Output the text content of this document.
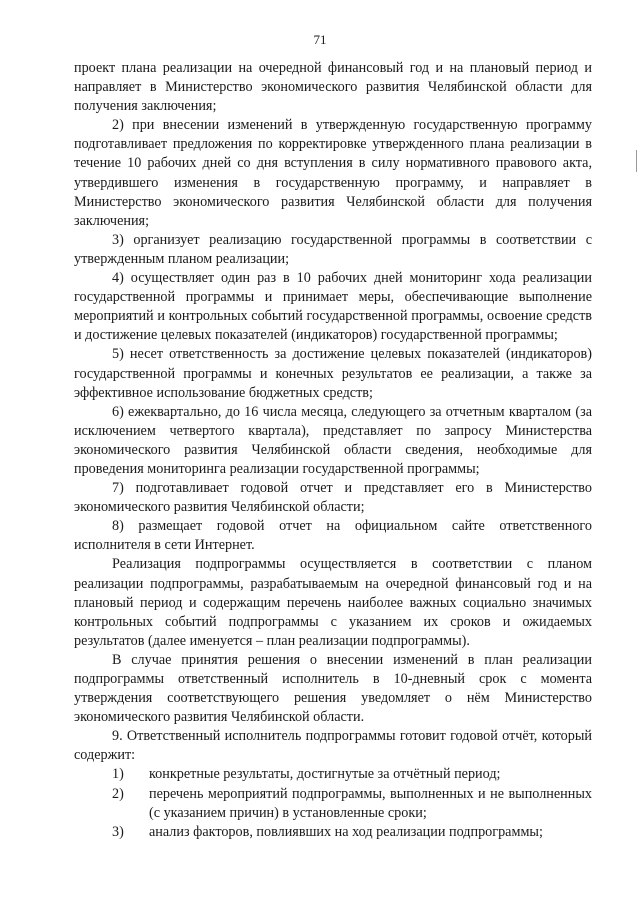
71

проект плана реализации на очередной финансовый год и на плановый период и направляет в Министерство экономического развития Челябинской области для получения заключения;

2) при внесении изменений в утвержденную государственную программу подготавливает предложения по корректировке утвержденного плана реализации в течение 10 рабочих дней со дня вступления в силу нормативного правового акта, утвердившего изменения в государственную программу, и направляет в Министерство экономического развития Челябинской области для получения заключения;

3) организует реализацию государственной программы в соответствии с утвержденным планом реализации;

4) осуществляет один раз в 10 рабочих дней мониторинг хода реализации государственной программы и принимает меры, обеспечивающие выполнение мероприятий и контрольных событий государственной программы, освоение средств и достижение целевых показателей (индикаторов) государственной программы;

5) несет ответственность за достижение целевых показателей (индикаторов) государственной программы и конечных результатов ее реализации, а также за эффективное использование бюджетных средств;

6) ежеквартально, до 16 числа месяца, следующего за отчетным кварталом (за исключением четвертого квартала), представляет по запросу Министерства экономического развития Челябинской области сведения, необходимые для проведения мониторинга реализации государственной программы;

7) подготавливает годовой отчет и представляет его в Министерство экономического развития Челябинской области;

8) размещает годовой отчет на официальном сайте ответственного исполнителя в сети Интернет.

Реализация подпрограммы осуществляется в соответствии с планом реализации подпрограммы, разрабатываемым на очередной финансовый год и на плановый период и содержащим перечень наиболее важных социально значимых контрольных событий подпрограммы с указанием их сроков и ожидаемых результатов (далее именуется – план реализации подпрограммы).

В случае принятия решения о внесении изменений в план реализации подпрограммы ответственный исполнитель в 10-дневный срок с момента утверждения соответствующего решения уведомляет о нём Министерство экономического развития Челябинской области.

9. Ответственный исполнитель подпрограммы готовит годовой отчёт, который содержит:

1)	конкретные результаты, достигнутые за отчётный период;
2)	перечень мероприятий подпрограммы, выполненных и не выполненных (с указанием причин) в установленные сроки;
3)	анализ факторов, повлиявших на ход реализации подпрограммы;
